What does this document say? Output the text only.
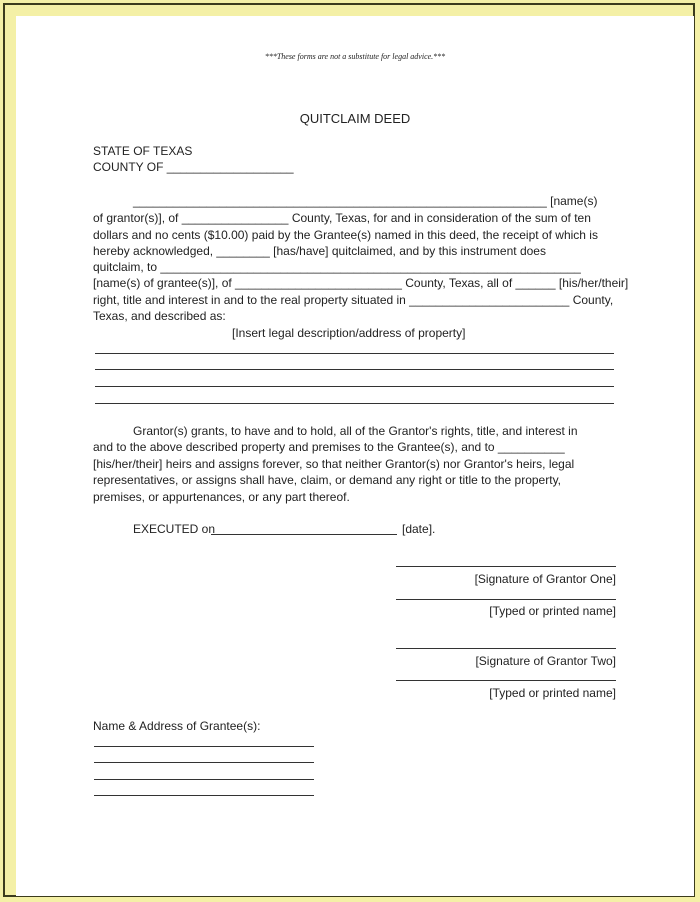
***These forms are not a substitute for legal advice.***
QUITCLAIM DEED
STATE OF TEXAS
COUNTY OF ___________________
______________________________________________________________ [name(s)
of grantor(s)], of ________________ County, Texas, for and in consideration of the sum of ten
dollars and no cents ($10.00) paid by the Grantee(s) named in this deed, the receipt of which is
hereby acknowledged, ________ [has/have] quitclaimed, and by this instrument does
quitclaim, to _______________________________________________________________
[name(s) of grantee(s)], of _________________________ County, Texas, all of ______ [his/her/their]
right, title and interest in and to the real property situated in ________________________ County,
Texas, and described as:
[Insert legal description/address of property]
Grantor(s) grants, to have and to hold, all of the Grantor's rights, title, and interest in
and to the above described property and premises to the Grantee(s), and to __________
[his/her/their] heirs and assigns forever, so that neither Grantor(s) nor Grantor's heirs, legal
representatives, or assigns shall have, claim, or demand any right or title to the property,
premises, or appurtenances, or any part thereof.
EXECUTED on	[date].
[Signature of Grantor One]
[Typed or printed name]
[Signature of Grantor Two]
[Typed or printed name]
Name & Address of Grantee(s):
